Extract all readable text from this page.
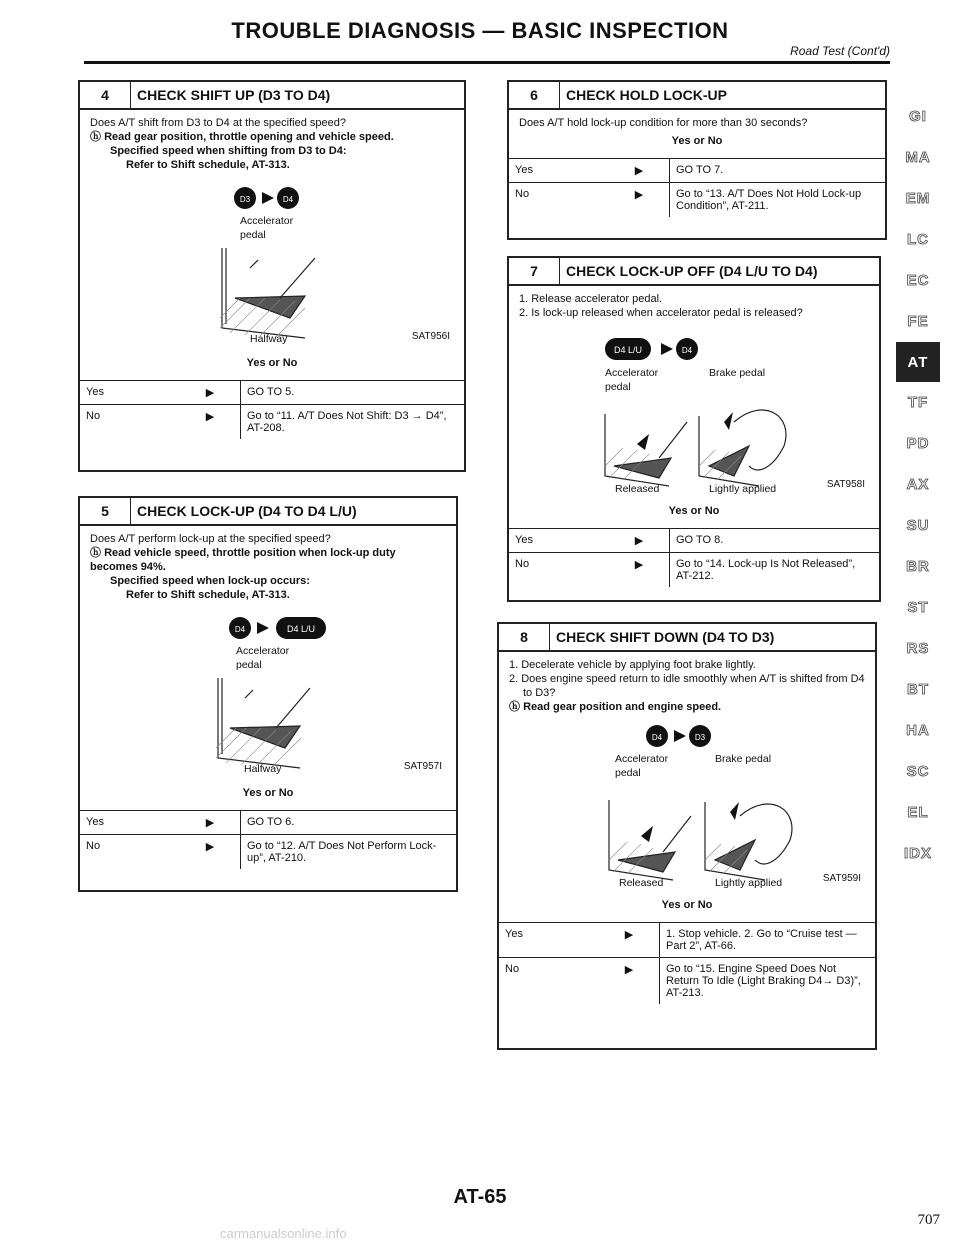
TROUBLE DIAGNOSIS — BASIC INSPECTION
Road Test (Cont'd)
4	CHECK SHIFT UP (D3 TO D4)
Does A/T shift from D3 to D4 at the specified speed?
ⓗ Read gear position, throttle opening and vehicle speed.
Specified speed when shifting from D3 to D4:
Refer to Shift schedule, AT-313.
D3	D4
Accelerator pedal
Halfway	SAT956I
Yes or No
Yes	▶	GO TO 5.
No	▶	Go to “11. A/T Does Not Shift: D3 → D4”, AT-208.
5	CHECK LOCK-UP (D4 TO D4 L/U)
Does A/T perform lock-up at the specified speed?
ⓗ Read vehicle speed, throttle position when lock-up duty becomes 94%.
Specified speed when lock-up occurs:
Refer to Shift schedule, AT-313.
D4	D4 L/U
Accelerator pedal
Halfway	SAT957I
Yes or No
Yes	▶	GO TO 6.
No	▶	Go to “12. A/T Does Not Perform Lock-up”, AT-210.
6	CHECK HOLD LOCK-UP
Does A/T hold lock-up condition for more than 30 seconds?
Yes or No
Yes	▶	GO TO 7.
No	▶	Go to “13. A/T Does Not Hold Lock-up Condition”, AT-211.
7	CHECK LOCK-UP OFF (D4 L/U TO D4)
1. Release accelerator pedal.
2. Is lock-up released when accelerator pedal is released?
D4 L/U	D4
Accelerator pedal
Brake pedal
Released	Lightly applied	SAT958I
Yes or No
Yes	▶	GO TO 8.
No	▶	Go to “14. Lock-up Is Not Released”, AT-212.
8	CHECK SHIFT DOWN (D4 TO D3)
1. Decelerate vehicle by applying foot brake lightly.
2. Does engine speed return to idle smoothly when A/T is shifted from D4 to D3?
ⓗ Read gear position and engine speed.
D4	D3
Accelerator pedal
Brake pedal
Released	Lightly applied	SAT959I
Yes or No
Yes	▶	1. Stop vehicle. 2. Go to “Cruise test — Part 2”, AT-66.
No	▶	Go to “15. Engine Speed Does Not Return To Idle (Light Braking D4→ D3)”, AT-213.
GI
MA
EM
LC
EC
FE
AT
TF
PD
AX
SU
BR
ST
RS
BT
HA
SC
EL
IDX
AT-65
707
carmanualsonline.info
